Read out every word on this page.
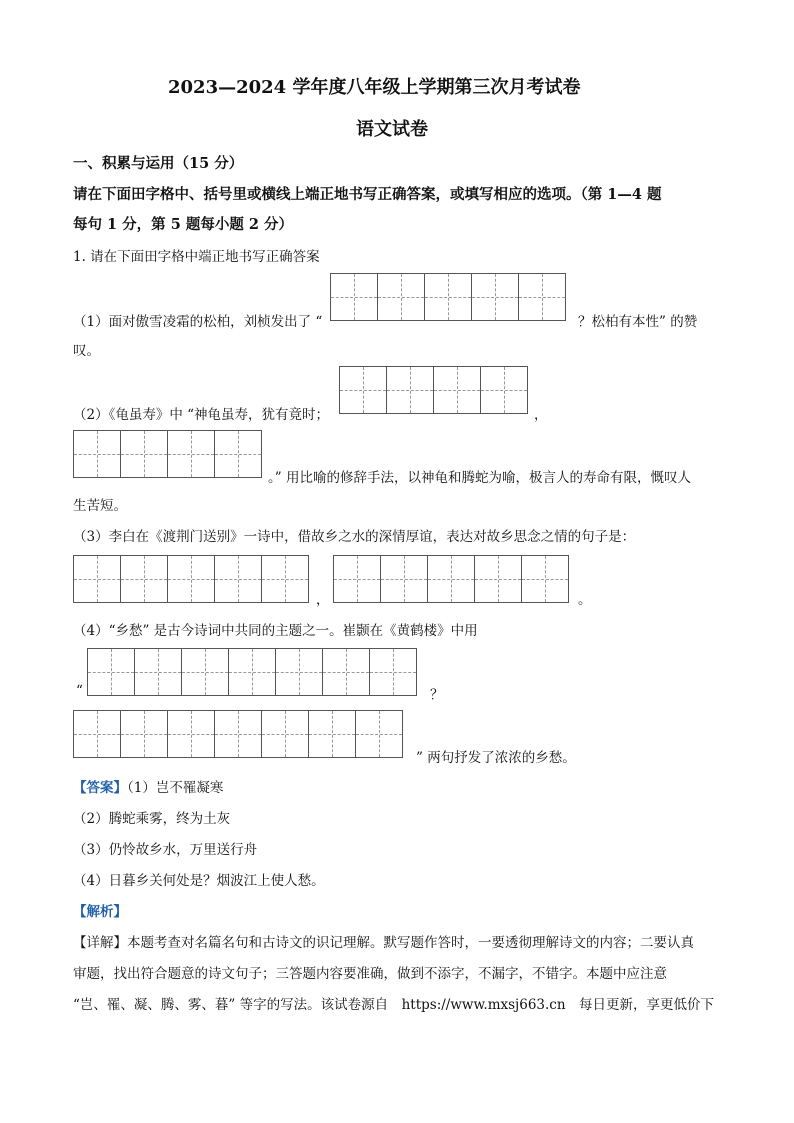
2023—2024 学年度八年级上学期第三次月考试卷
语文试卷
一、积累与运用（15 分）
请在下面田字格中、括号里或横线上端正地书写正确答案，或填写相应的选项。（第 1—4 题
每句 1 分，第 5 题每小题 2 分）
1. 请在下面田字格中端正地书写正确答案
（1）面对傲雪凌霜的松柏，刘桢发出了 “	？松柏有本性” 的赞
叹。
（2）《龟虽寿》中 “神龟虽寿，犹有竟时；	，
。” 用比喻的修辞手法，以神龟和腾蛇为喻，极言人的寿命有限，慨叹人
生苦短。
（3）李白在《渡荆门送别》一诗中，借故乡之水的深情厚谊，表达对故乡思念之情的句子是：
，	。
（4）“乡愁” 是古今诗词中共同的主题之一。崔颢在《黄鹤楼》中用
“	？
” 两句抒发了浓浓的乡愁。
【答案】（1）岂不罹凝寒
（2）腾蛇乘雾，终为土灰
（3）仍怜故乡水，万里送行舟
（4）日暮乡关何处是？烟波江上使人愁。
【解析】
【详解】本题考查对名篇名句和古诗文的识记理解。默写题作答时，一要透彻理解诗文的内容；二要认真
审题，找出符合题意的诗文句子；三答题内容要准确，做到不添字，不漏字，不错字。本题中应注意
“岂、罹、凝、腾、雾、暮” 等字的写法。该试卷源自　https://www.mxsj663.cn　每日更新，享更低价下
